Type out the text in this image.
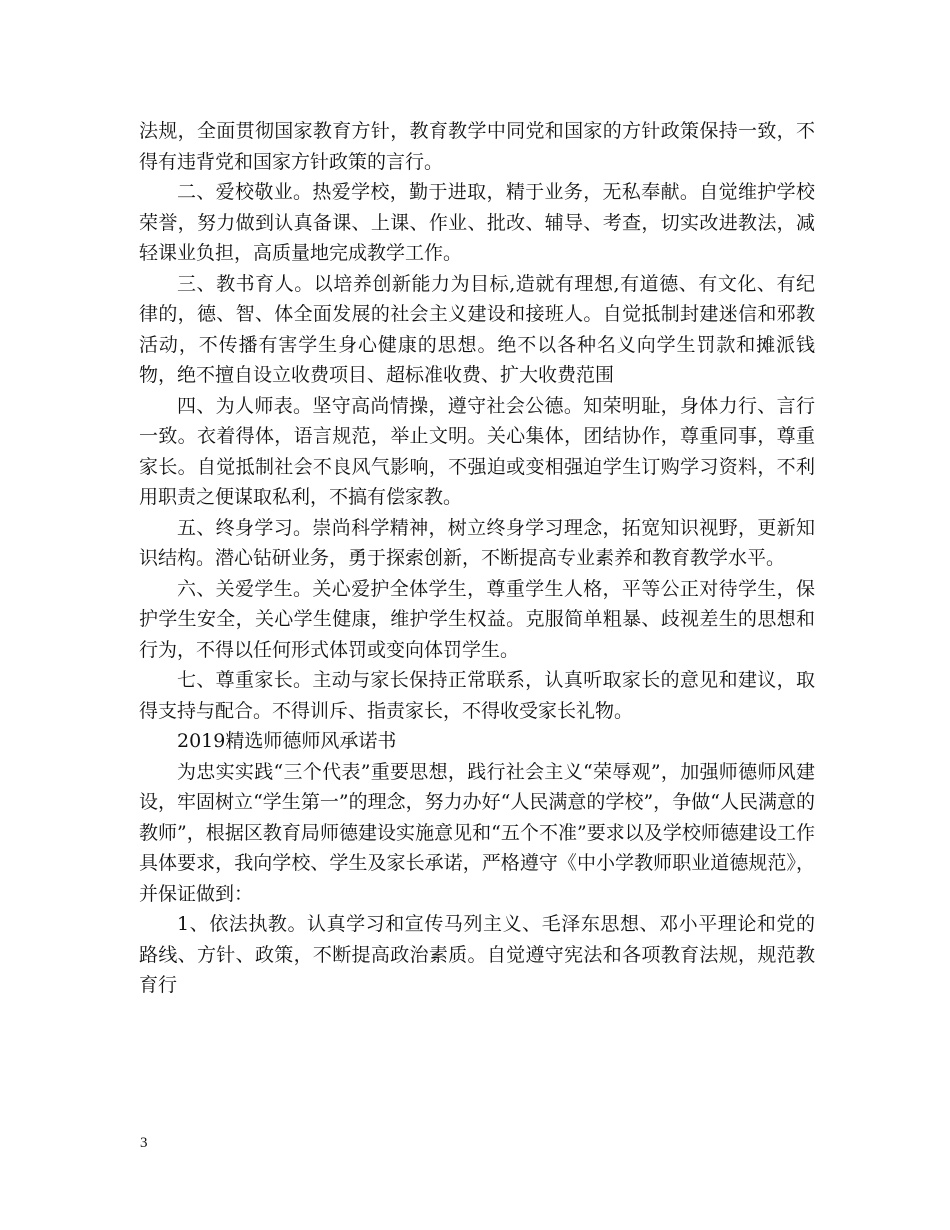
法规，全面贯彻国家教育方针，教育教学中同党和国家的方针政策保持一致，不得有违背党和国家方针政策的言行。

二、爱校敬业。热爱学校，勤于进取，精于业务，无私奉献。自觉维护学校荣誉，努力做到认真备课、上课、作业、批改、辅导、考查，切实改进教法，减轻课业负担，高质量地完成教学工作。

三、教书育人。以培养创新能力为目标,造就有理想,有道德、有文化、有纪律的，德、智、体全面发展的社会主义建设和接班人。自觉抵制封建迷信和邪教活动，不传播有害学生身心健康的思想。绝不以各种名义向学生罚款和摊派钱物，绝不擅自设立收费项目、超标准收费、扩大收费范围

四、为人师表。坚守高尚情操，遵守社会公德。知荣明耻，身体力行、言行一致。衣着得体，语言规范，举止文明。关心集体，团结协作，尊重同事，尊重家长。自觉抵制社会不良风气影响，不强迫或变相强迫学生订购学习资料，不利用职责之便谋取私利，不搞有偿家教。

五、终身学习。崇尚科学精神，树立终身学习理念，拓宽知识视野，更新知识结构。潜心钻研业务，勇于探索创新，不断提高专业素养和教育教学水平。

六、关爱学生。关心爱护全体学生，尊重学生人格，平等公正对待学生，保护学生安全，关心学生健康，维护学生权益。克服简单粗暴、歧视差生的思想和行为，不得以任何形式体罚或变向体罚学生。

七、尊重家长。主动与家长保持正常联系，认真听取家长的意见和建议，取得支持与配合。不得训斥、指责家长，不得收受家长礼物。

2019精选师德师风承诺书

为忠实实践“三个代表”重要思想，践行社会主义“荣辱观”，加强师德师风建设，牢固树立“学生第一”的理念，努力办好“人民满意的学校”，争做“人民满意的教师”，根据区教育局师德建设实施意见和“五个不准”要求以及学校师德建设工作具体要求，我向学校、学生及家长承诺，严格遵守《中小学教师职业道德规范》，并保证做到：

1、依法执教。认真学习和宣传马列主义、毛泽东思想、邓小平理论和党的路线、方针、政策，不断提高政治素质。自觉遵守宪法和各项教育法规，规范教育行

3
